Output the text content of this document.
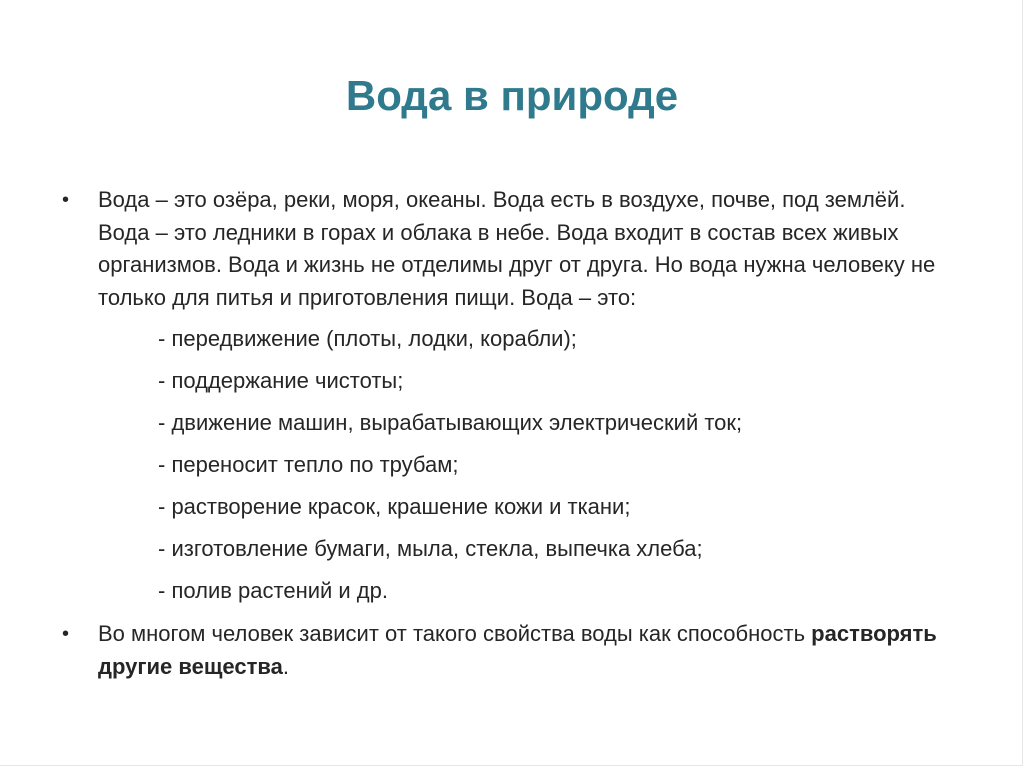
Вода в природе

•	Вода – это озёра, реки, моря, океаны. Вода есть в воздухе, почве, под землёй. Вода – это ледники в горах и облака в небе. Вода входит в состав всех живых организмов. Вода и жизнь не отделимы друг от друга. Но вода нужна человеку не только для питья и приготовления пищи. Вода – это:

- передвижение (плоты, лодки, корабли);
- поддержание чистоты;
- движение машин, вырабатывающих электрический ток;
- переносит тепло по трубам;
- растворение красок, крашение кожи и ткани;
- изготовление бумаги, мыла, стекла, выпечка хлеба;
- полив растений и др.

•	Во многом человек зависит от такого свойства воды как способность растворять другие вещества.
